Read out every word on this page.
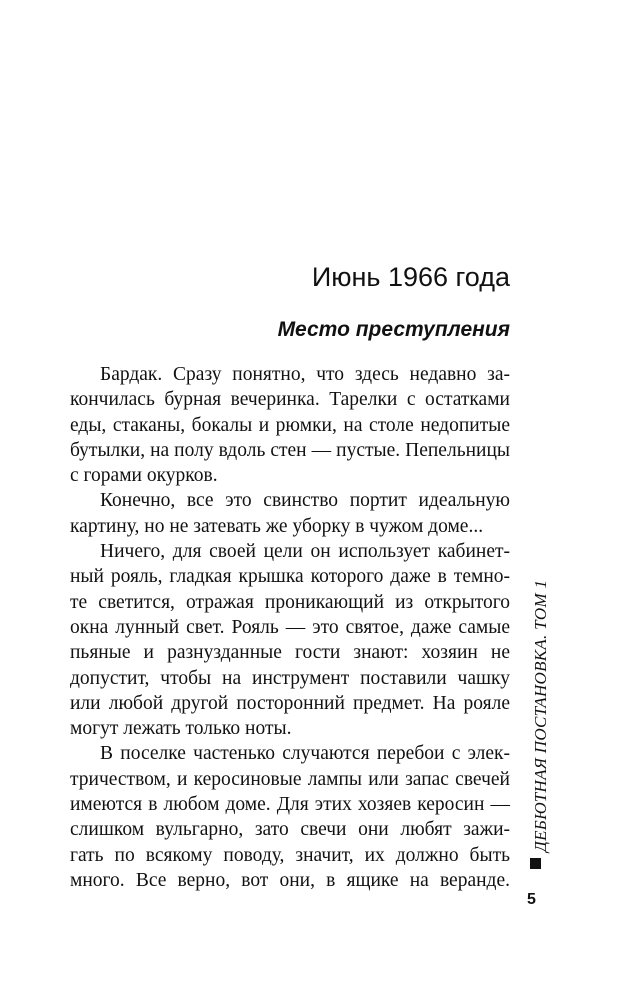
Июнь 1966 года
Место преступления
Бардак. Сразу понятно, что здесь недавно за-
кончилась бурная вечеринка. Тарелки с остатками
еды, стаканы, бокалы и рюмки, на столе недопитые
бутылки, на полу вдоль стен — пустые. Пепельницы
с горами окурков.
Конечно, все это свинство портит идеальную
картину, но не затевать же уборку в чужом доме...
Ничего, для своей цели он использует кабинет-
ный рояль, гладкая крышка которого даже в темно-
те светится, отражая проникающий из открытого
окна лунный свет. Рояль — это святое, даже самые
пьяные и разнузданные гости знают: хозяин не
допустит, чтобы на инструмент поставили чашку
или любой другой посторонний предмет. На рояле
могут лежать только ноты.
В поселке частенько случаются перебои с элек-
тричеством, и керосиновые лампы или запас свечей
имеются в любом доме. Для этих хозяев керосин —
слишком вульгарно, зато свечи они любят зажи-
гать по всякому поводу, значит, их должно быть
много. Все верно, вот они, в ящике на веранде.
ДЕБЮТНАЯ ПОСТАНОВКА. ТОМ 1
5
